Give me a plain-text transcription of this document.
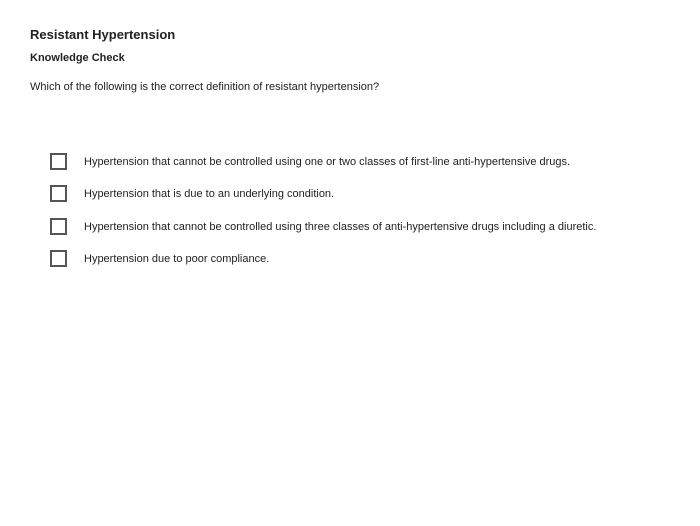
Resistant Hypertension
Knowledge Check

Which of the following is the correct definition of resistant hypertension?

Hypertension that cannot be controlled using one or two classes of first-line anti-hypertensive drugs.
Hypertension that is due to an underlying condition.
Hypertension that cannot be controlled using three classes of anti-hypertensive drugs including a diuretic.
Hypertension due to poor compliance.
